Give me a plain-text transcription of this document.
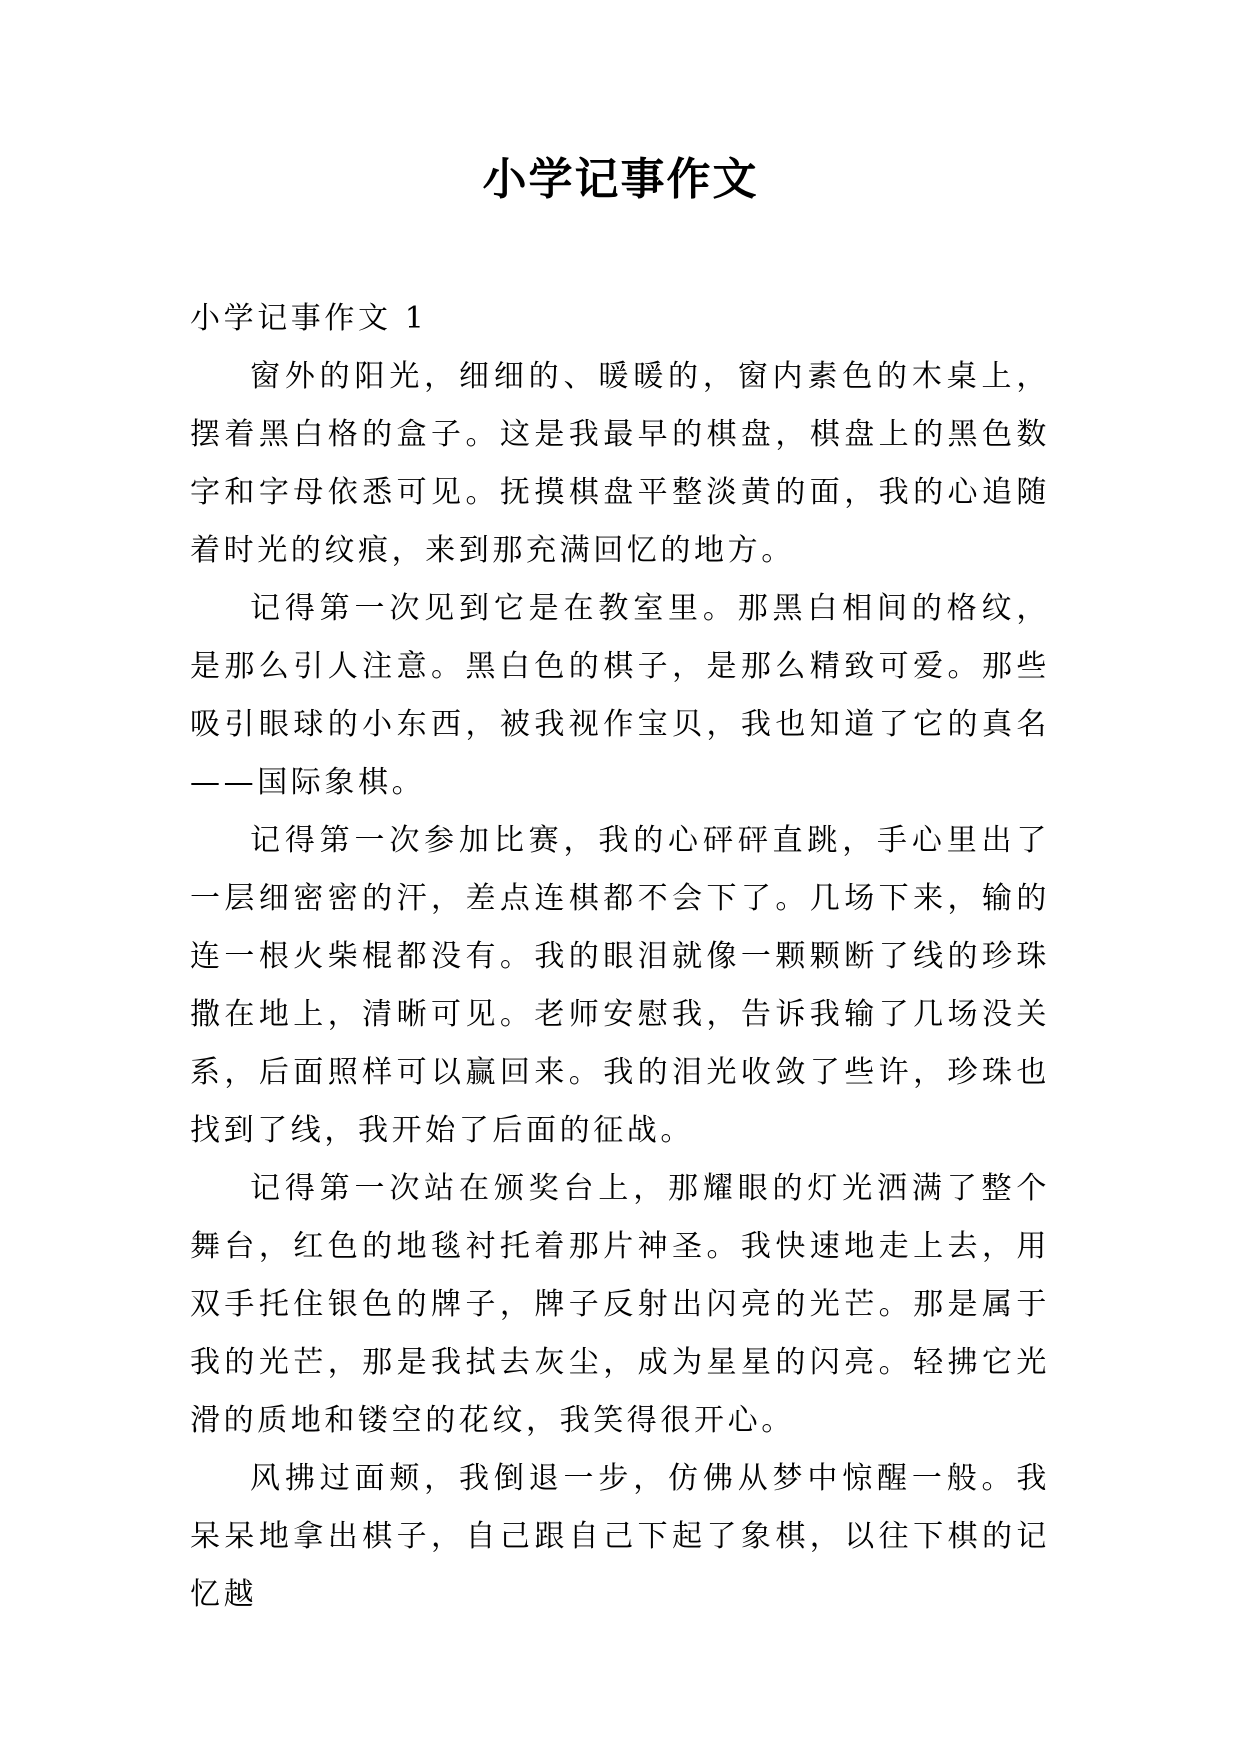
小学记事作文

小学记事作文 1

窗外的阳光，细细的、暖暖的，窗内素色的木桌上，摆着黑白格的盒子。这是我最早的棋盘，棋盘上的黑色数字和字母依悉可见。抚摸棋盘平整淡黄的面，我的心追随着时光的纹痕，来到那充满回忆的地方。

记得第一次见到它是在教室里。那黑白相间的格纹，是那么引人注意。黑白色的棋子，是那么精致可爱。那些吸引眼球的小东西，被我视作宝贝，我也知道了它的真名——国际象棋。

记得第一次参加比赛，我的心砰砰直跳，手心里出了一层细密密的汗，差点连棋都不会下了。几场下来，输的连一根火柴棍都没有。我的眼泪就像一颗颗断了线的珍珠撒在地上，清晰可见。老师安慰我，告诉我输了几场没关系，后面照样可以赢回来。我的泪光收敛了些许，珍珠也找到了线，我开始了后面的征战。

记得第一次站在颁奖台上，那耀眼的灯光洒满了整个舞台，红色的地毯衬托着那片神圣。我快速地走上去，用双手托住银色的牌子，牌子反射出闪亮的光芒。那是属于我的光芒，那是我拭去灰尘，成为星星的闪亮。轻拂它光滑的质地和镂空的花纹，我笑得很开心。

风拂过面颊，我倒退一步，仿佛从梦中惊醒一般。我呆呆地拿出棋子，自己跟自己下起了象棋，以往下棋的记忆越
